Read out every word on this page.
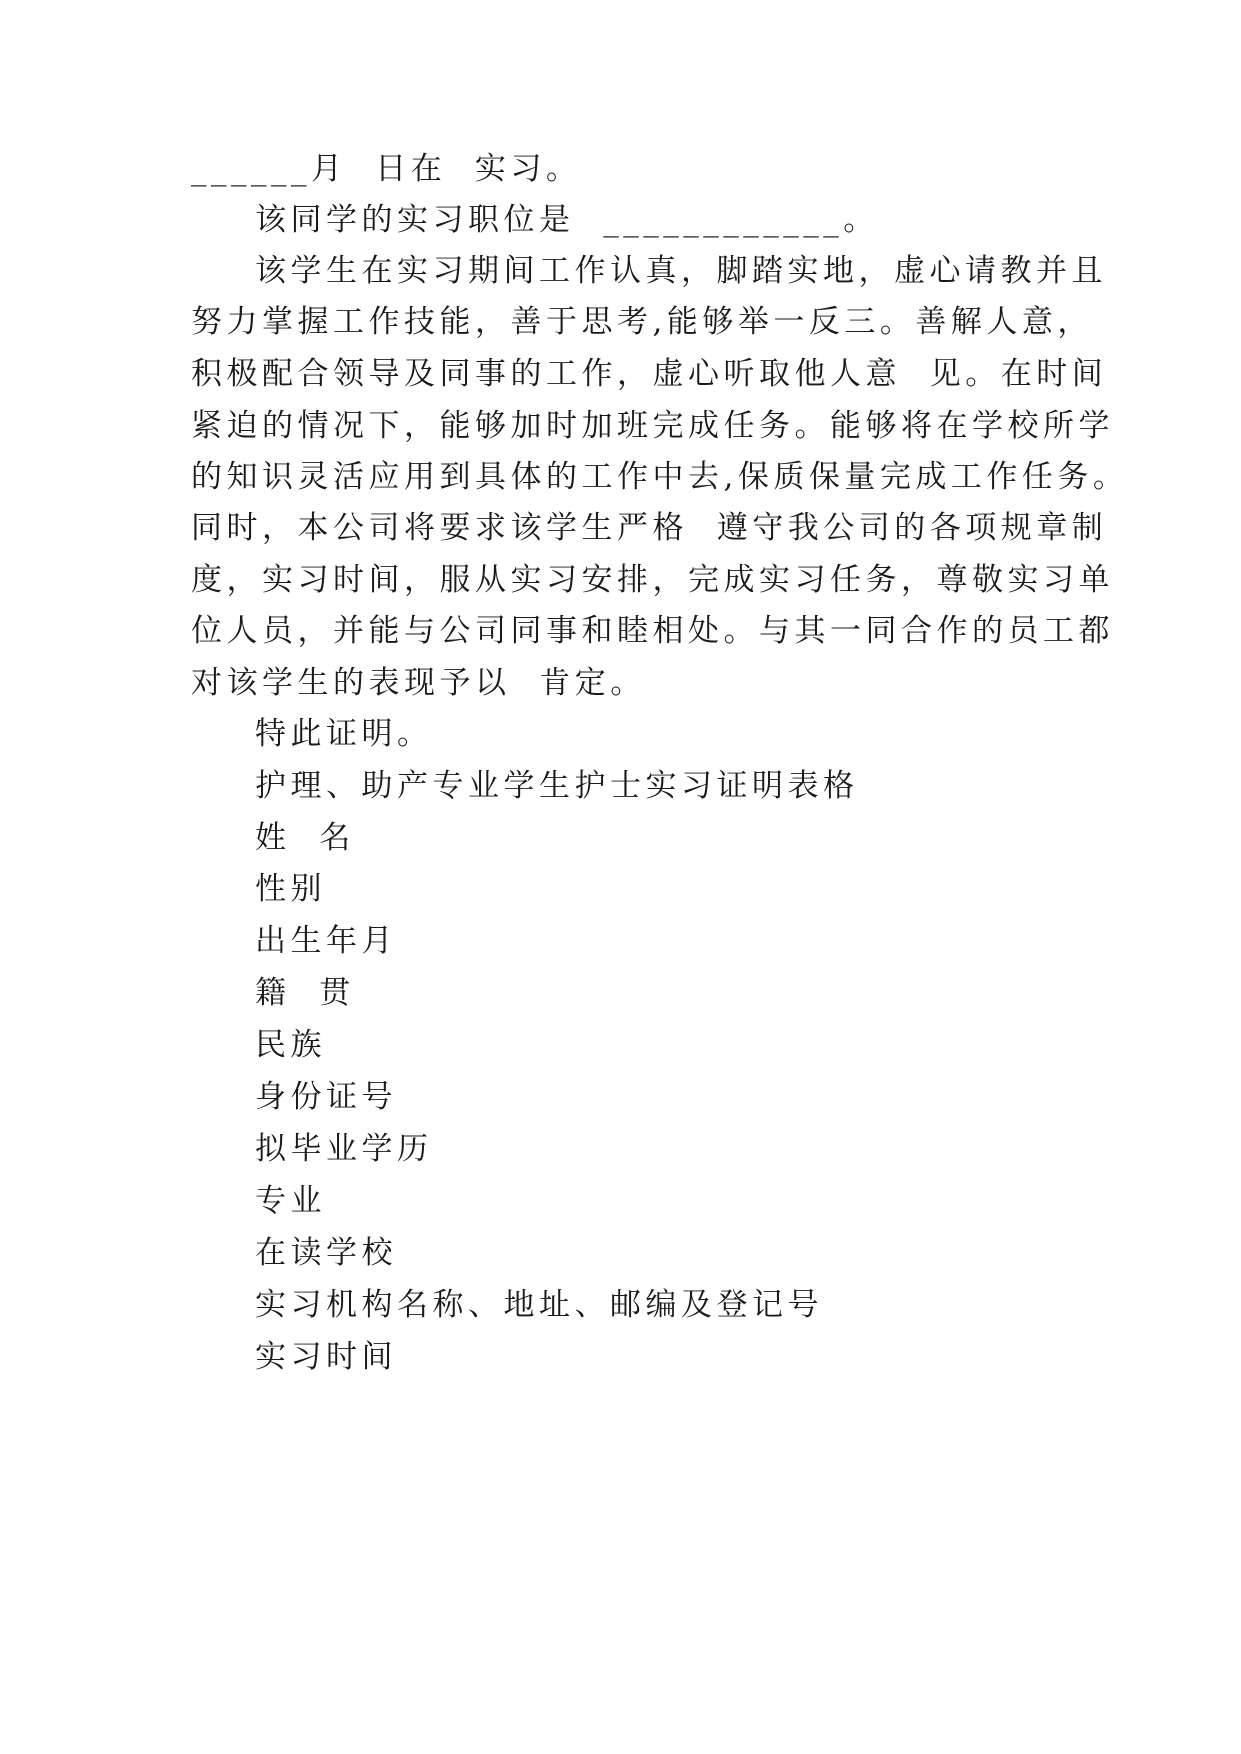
______月  日在  实习。
该同学的实习职位是  ____________。
该学生在实习期间工作认真，脚踏实地，虚心请教并且
努力掌握工作技能，善于思考,能够举一反三。善解人意，
积极配合领导及同事的工作，虚心听取他人意  见。在时间
紧迫的情况下，能够加时加班完成任务。能够将在学校所学
的知识灵活应用到具体的工作中去,保质保量完成工作任务。
同时，本公司将要求该学生严格  遵守我公司的各项规章制
度，实习时间，服从实习安排，完成实习任务，尊敬实习单
位人员，并能与公司同事和睦相处。与其一同合作的员工都
对该学生的表现予以  肯定。
特此证明。
护理、助产专业学生护士实习证明表格
姓  名
性别
出生年月
籍  贯
民族
身份证号
拟毕业学历
专业
在读学校
实习机构名称、地址、邮编及登记号
实习时间
